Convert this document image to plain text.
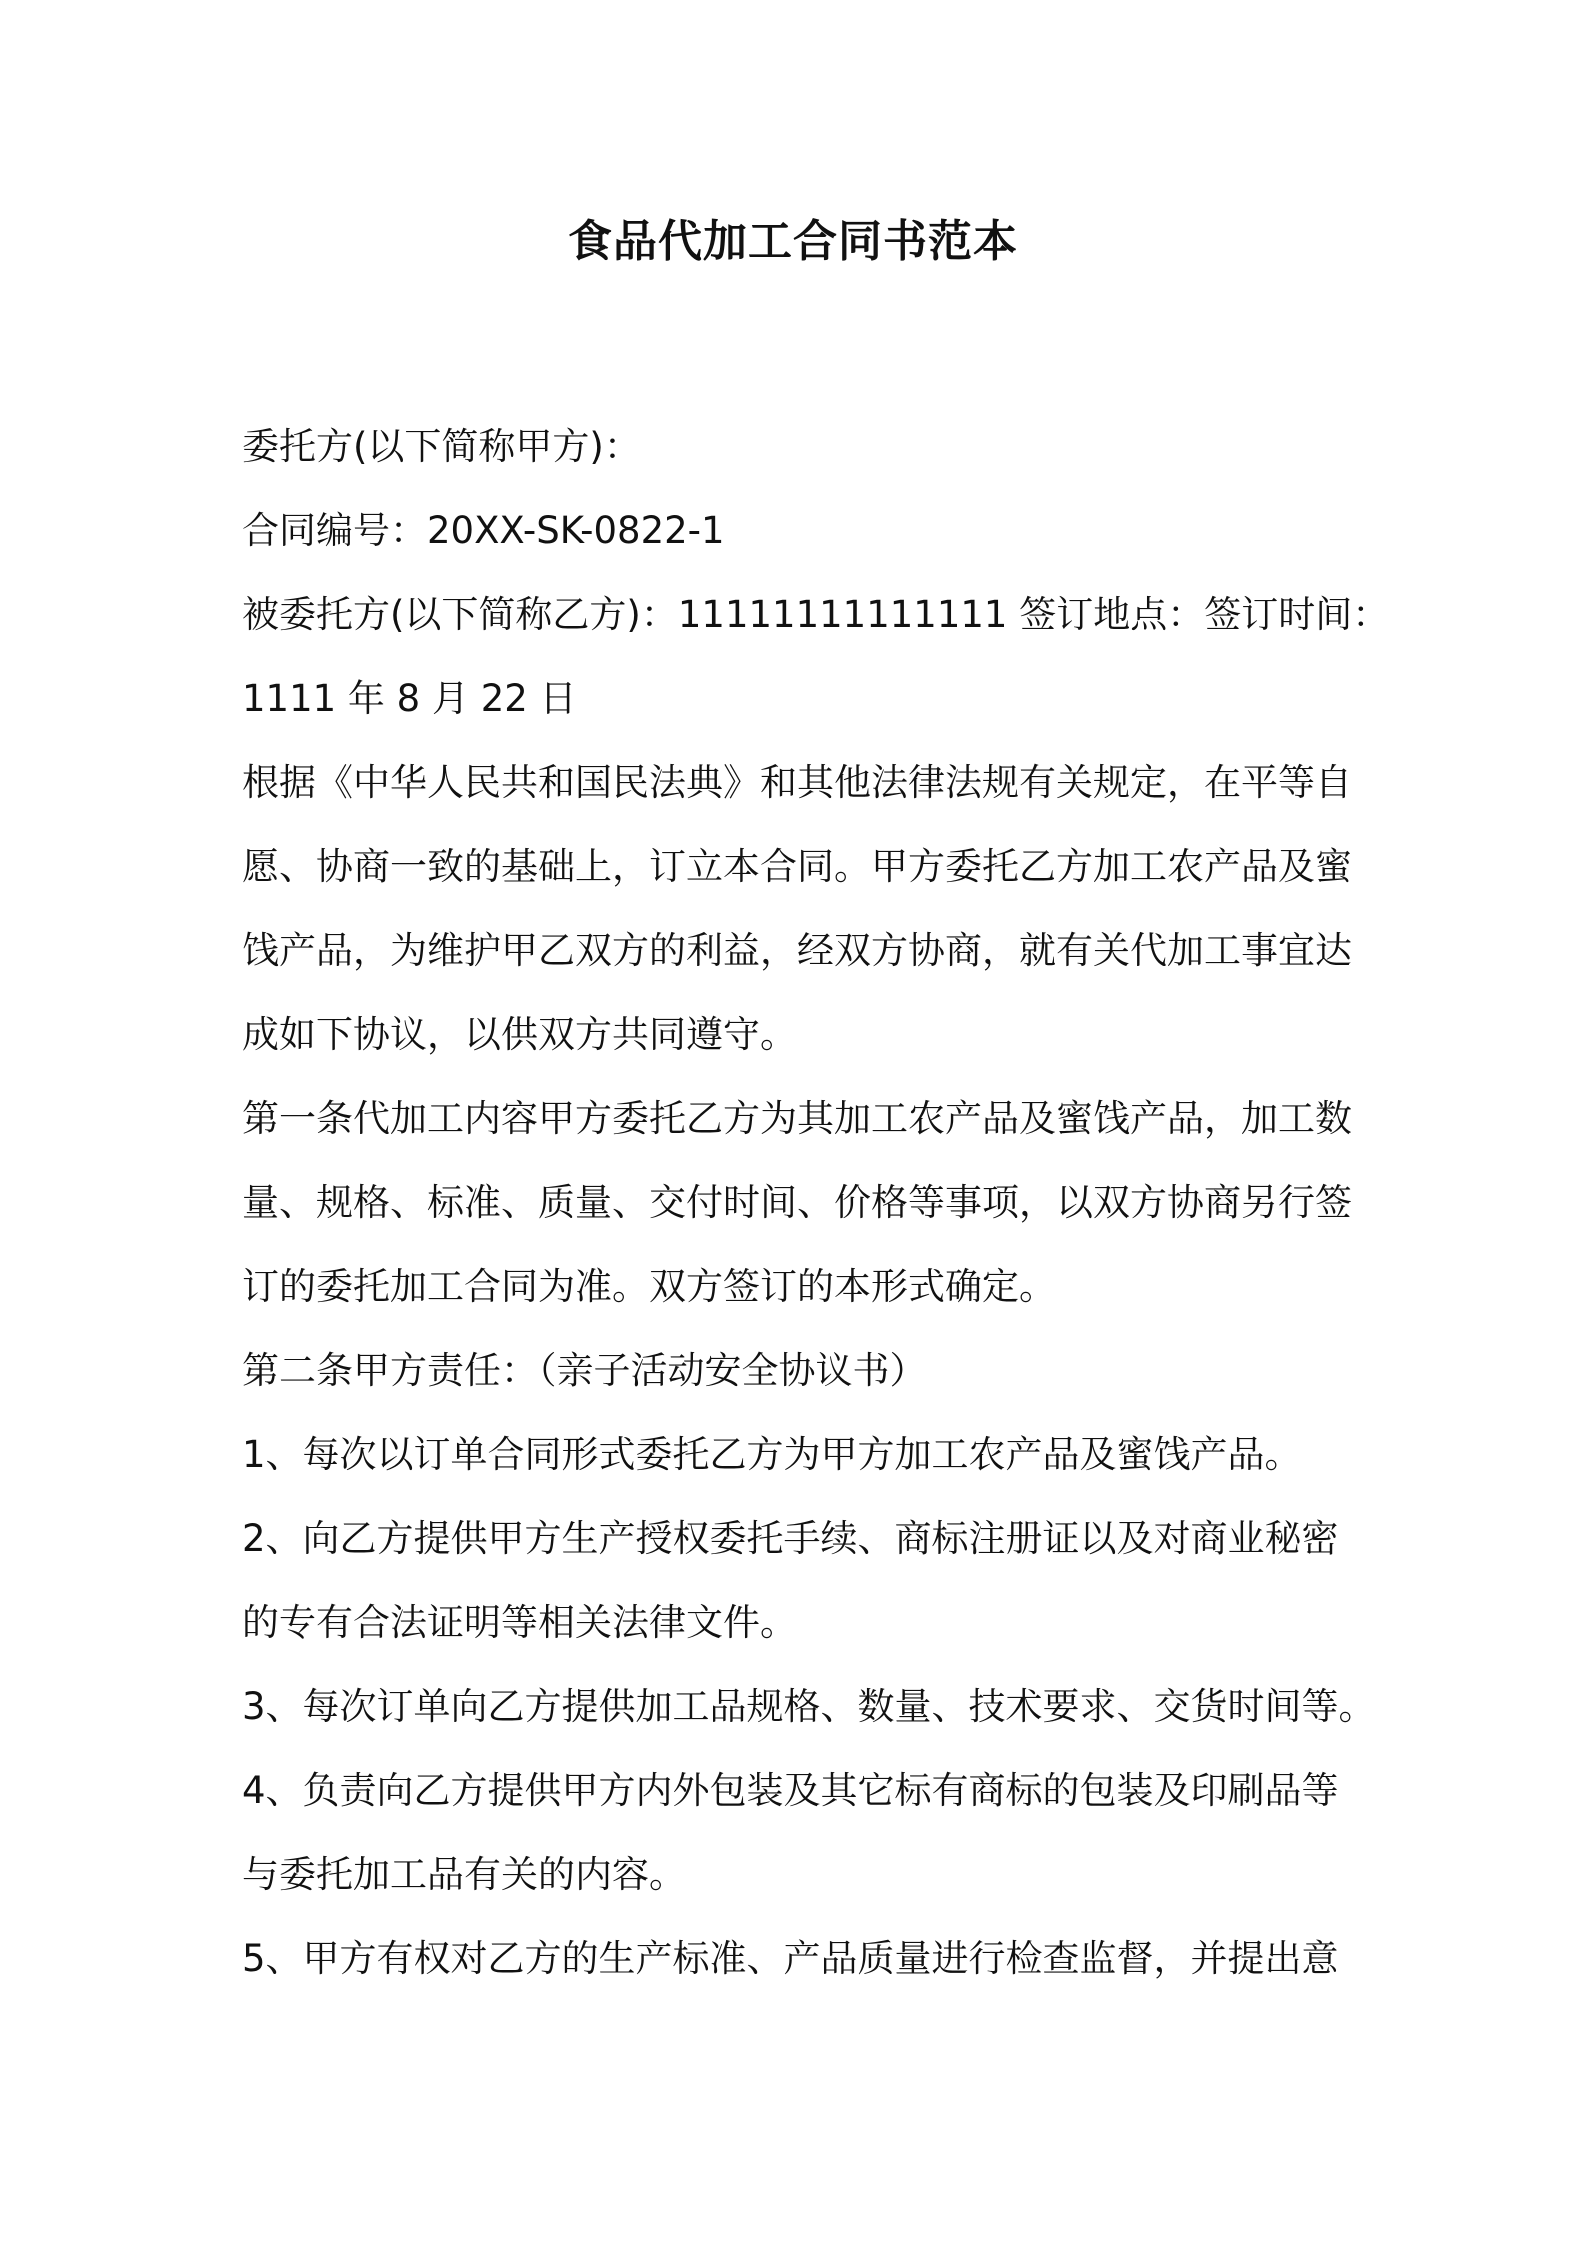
食品代加工合同书范本
委托方(以下简称甲方)：
合同编号：20XX-SK-0822-1
被委托方(以下简称乙方)：11111111111111 签订地点：签订时间：
1111 年 8 月 22 日
根据《中华人民共和国民法典》和其他法律法规有关规定，在平等自
愿、协商一致的基础上，订立本合同。甲方委托乙方加工农产品及蜜
饯产品，为维护甲乙双方的利益，经双方协商，就有关代加工事宜达
成如下协议，以供双方共同遵守。
第一条代加工内容甲方委托乙方为其加工农产品及蜜饯产品，加工数
量、规格、标准、质量、交付时间、价格等事项，以双方协商另行签
订的委托加工合同为准。双方签订的本形式确定。
第二条甲方责任：（亲子活动安全协议书）
1、每次以订单合同形式委托乙方为甲方加工农产品及蜜饯产品。
2、向乙方提供甲方生产授权委托手续、商标注册证以及对商业秘密
的专有合法证明等相关法律文件。
3、每次订单向乙方提供加工品规格、数量、技术要求、交货时间等。
4、负责向乙方提供甲方内外包装及其它标有商标的包装及印刷品等
与委托加工品有关的内容。
5、甲方有权对乙方的生产标准、产品质量进行检查监督，并提出意
